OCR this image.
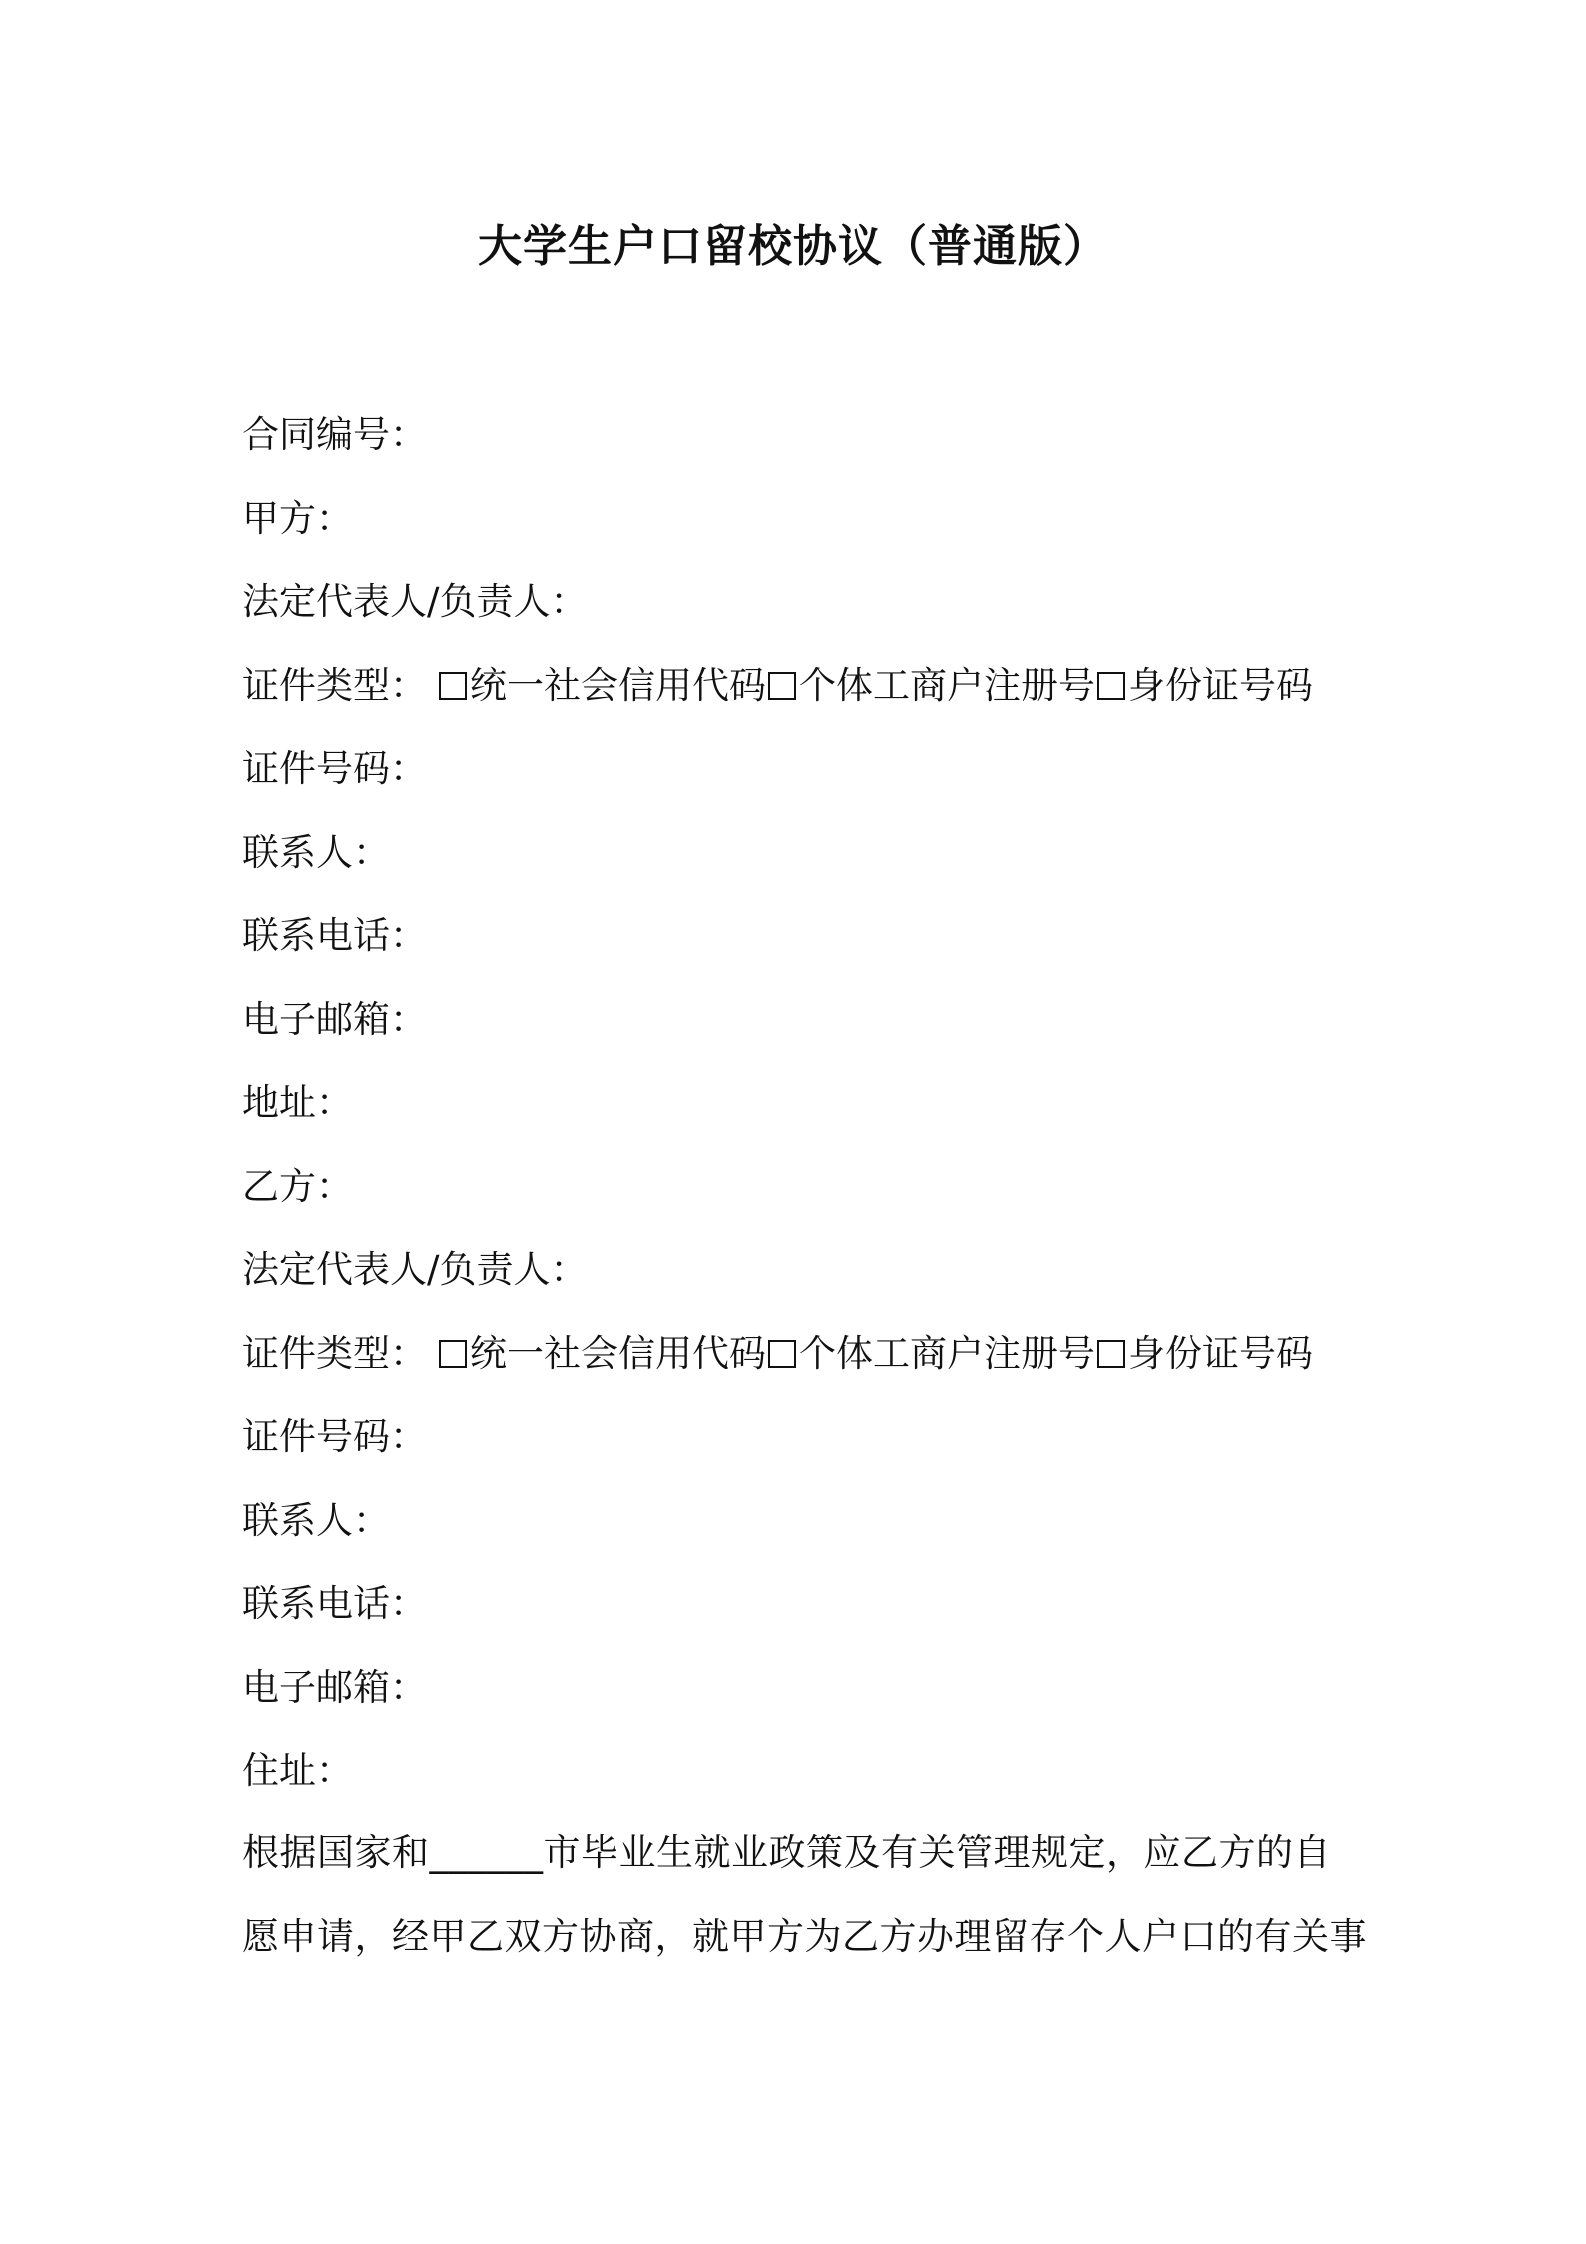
大学生户口留校协议（普通版）
合同编号：
甲方：
法定代表人/负责人：
证件类型： 统一社会信用代码 个体工商户注册号 身份证号码
证件号码：
联系人：
联系电话：
电子邮箱：
地址：
乙方：
法定代表人/负责人：
证件类型： 统一社会信用代码 个体工商户注册号 身份证号码
证件号码：
联系人：
联系电话：
电子邮箱：
住址：
根据国家和______市毕业生就业政策及有关管理规定，应乙方的自
愿申请，经甲乙双方协商，就甲方为乙方办理留存个人户口的有关事
